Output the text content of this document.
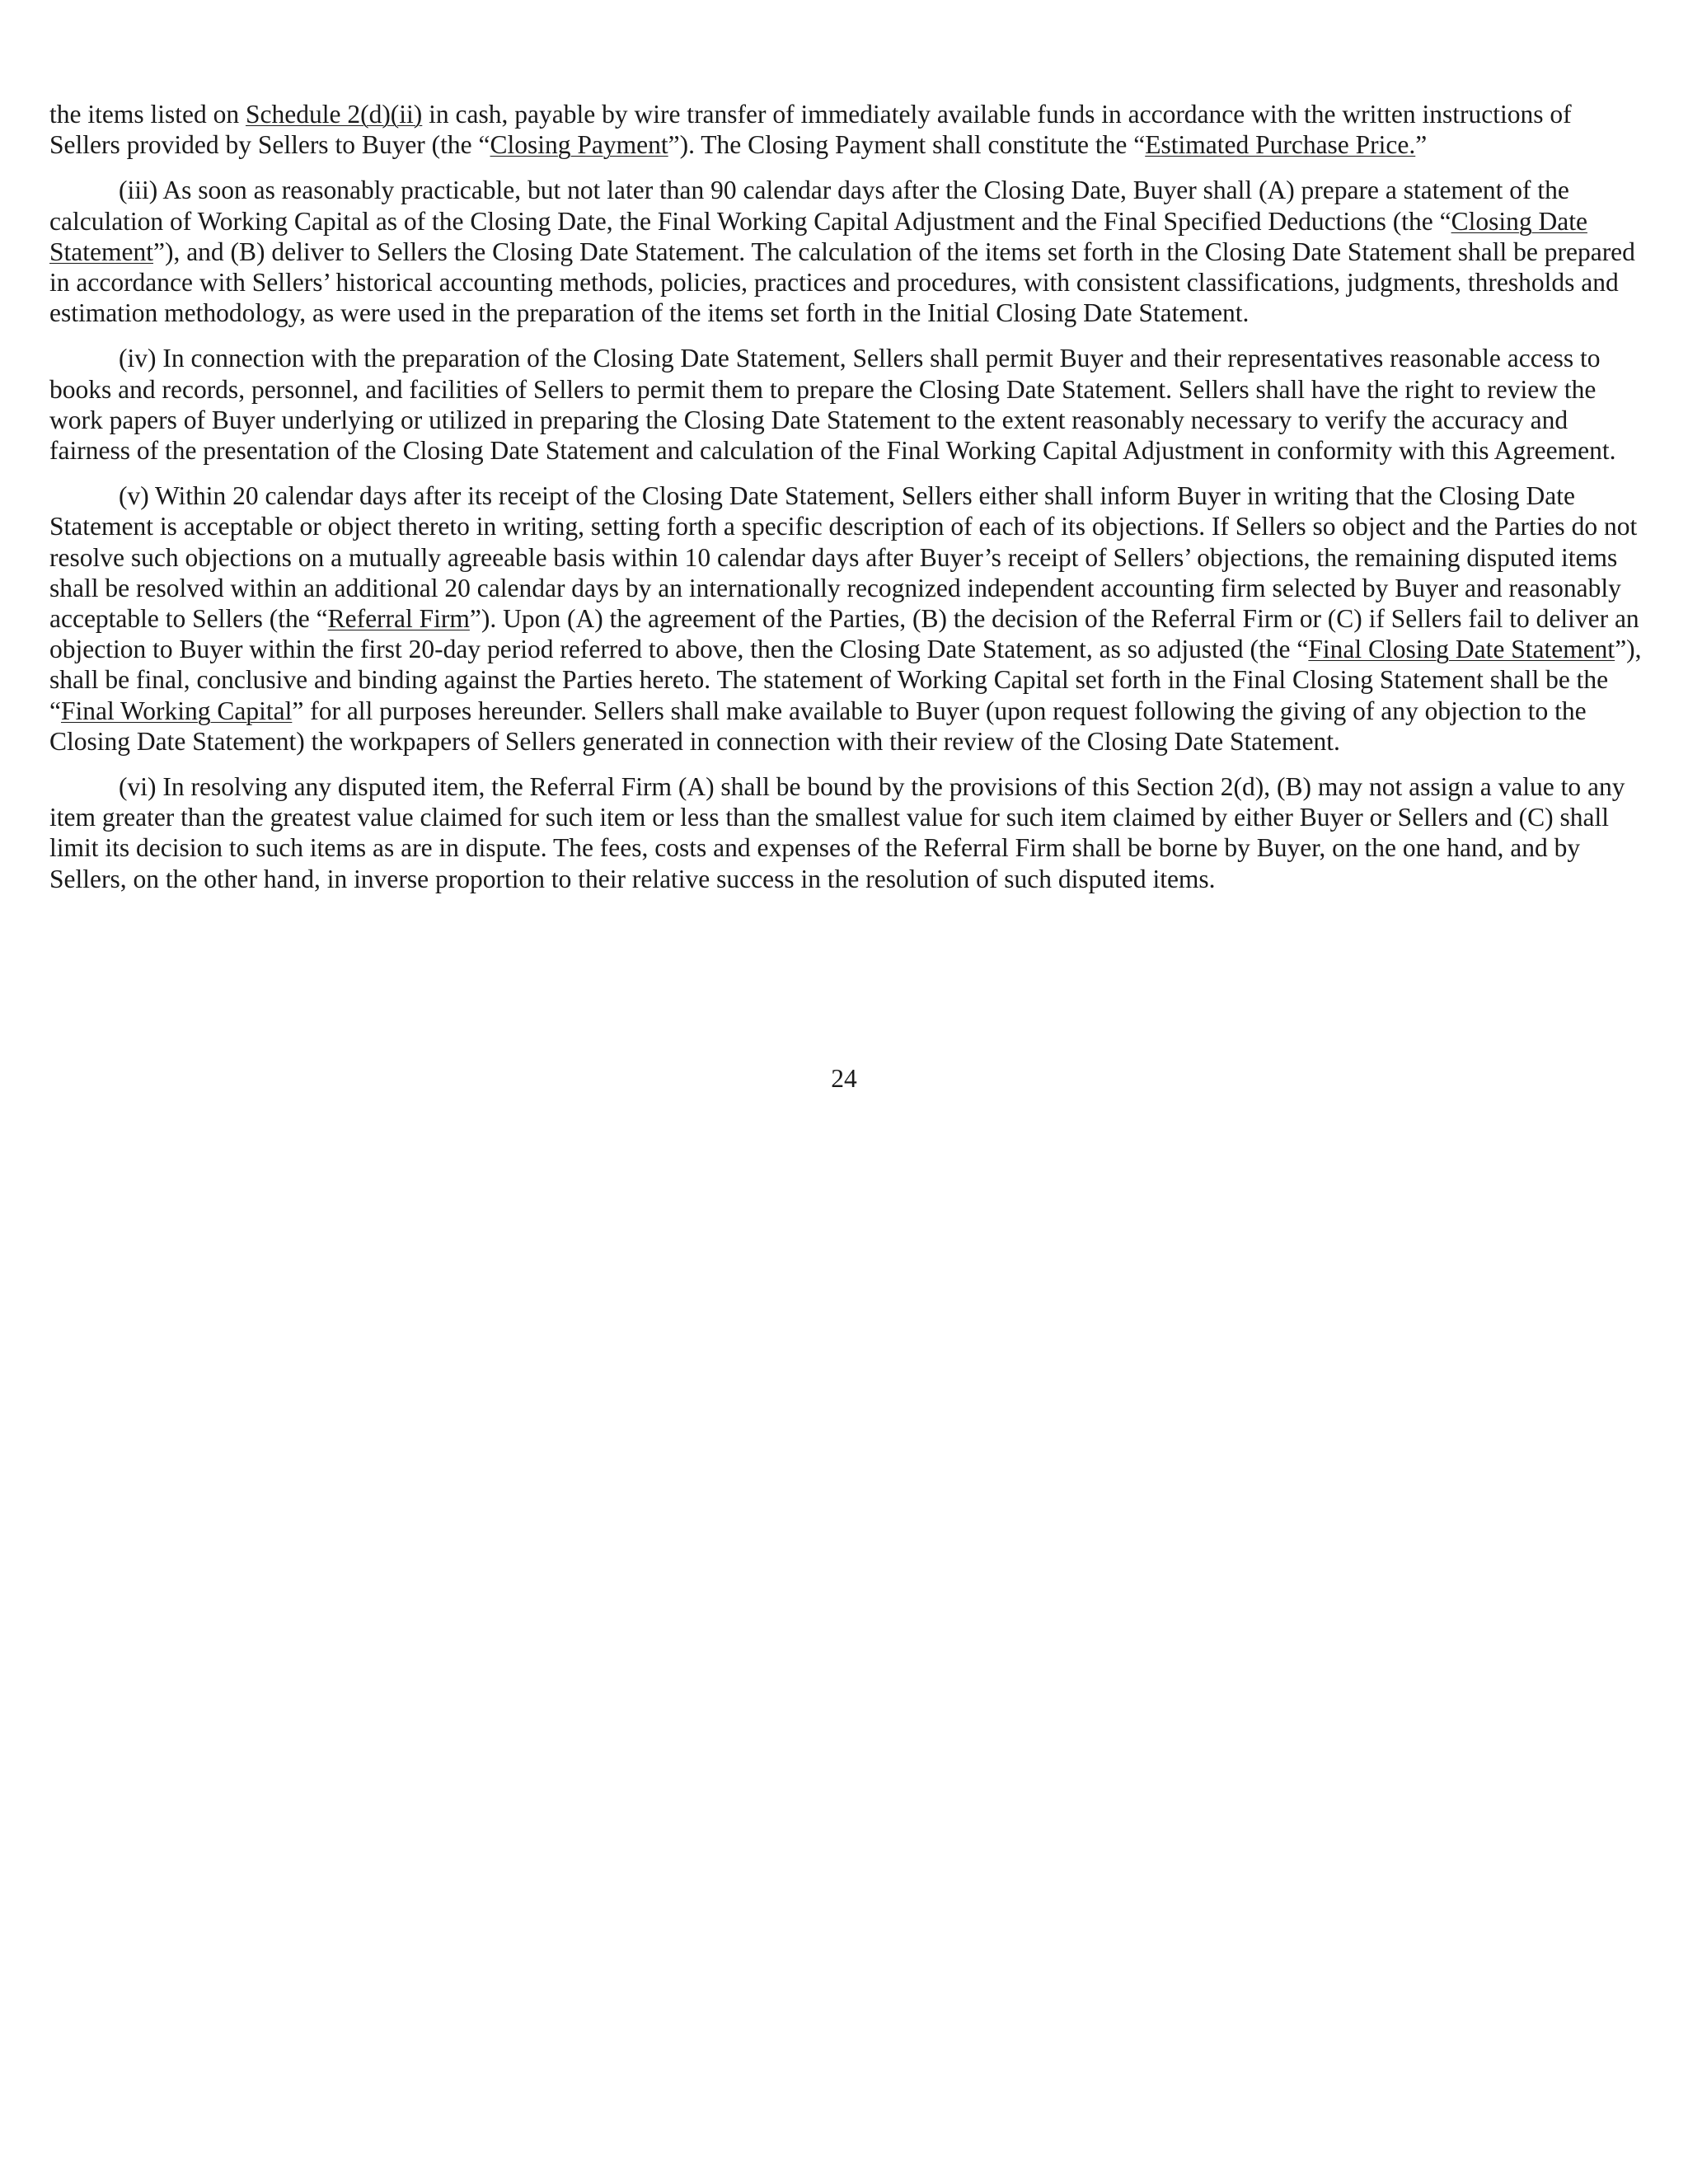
the items listed on Schedule 2(d)(ii) in cash, payable by wire transfer of immediately available funds in accordance with the written instructions of Sellers provided by Sellers to Buyer (the “Closing Payment”). The Closing Payment shall constitute the “Estimated Purchase Price.”

(iii) As soon as reasonably practicable, but not later than 90 calendar days after the Closing Date, Buyer shall (A) prepare a statement of the calculation of Working Capital as of the Closing Date, the Final Working Capital Adjustment and the Final Specified Deductions (the “Closing Date Statement”), and (B) deliver to Sellers the Closing Date Statement. The calculation of the items set forth in the Closing Date Statement shall be prepared in accordance with Sellers’ historical accounting methods, policies, practices and procedures, with consistent classifications, judgments, thresholds and estimation methodology, as were used in the preparation of the items set forth in the Initial Closing Date Statement.

(iv) In connection with the preparation of the Closing Date Statement, Sellers shall permit Buyer and their representatives reasonable access to books and records, personnel, and facilities of Sellers to permit them to prepare the Closing Date Statement. Sellers shall have the right to review the work papers of Buyer underlying or utilized in preparing the Closing Date Statement to the extent reasonably necessary to verify the accuracy and fairness of the presentation of the Closing Date Statement and calculation of the Final Working Capital Adjustment in conformity with this Agreement.

(v) Within 20 calendar days after its receipt of the Closing Date Statement, Sellers either shall inform Buyer in writing that the Closing Date Statement is acceptable or object thereto in writing, setting forth a specific description of each of its objections. If Sellers so object and the Parties do not resolve such objections on a mutually agreeable basis within 10 calendar days after Buyer’s receipt of Sellers’ objections, the remaining disputed items shall be resolved within an additional 20 calendar days by an internationally recognized independent accounting firm selected by Buyer and reasonably acceptable to Sellers (the “Referral Firm”). Upon (A) the agreement of the Parties, (B) the decision of the Referral Firm or (C) if Sellers fail to deliver an objection to Buyer within the first 20-day period referred to above, then the Closing Date Statement, as so adjusted (the “Final Closing Date Statement”), shall be final, conclusive and binding against the Parties hereto. The statement of Working Capital set forth in the Final Closing Statement shall be the “Final Working Capital” for all purposes hereunder. Sellers shall make available to Buyer (upon request following the giving of any objection to the Closing Date Statement) the workpapers of Sellers generated in connection with their review of the Closing Date Statement.

(vi) In resolving any disputed item, the Referral Firm (A) shall be bound by the provisions of this Section 2(d), (B) may not assign a value to any item greater than the greatest value claimed for such item or less than the smallest value for such item claimed by either Buyer or Sellers and (C) shall limit its decision to such items as are in dispute. The fees, costs and expenses of the Referral Firm shall be borne by Buyer, on the one hand, and by Sellers, on the other hand, in inverse proportion to their relative success in the resolution of such disputed items.

24
